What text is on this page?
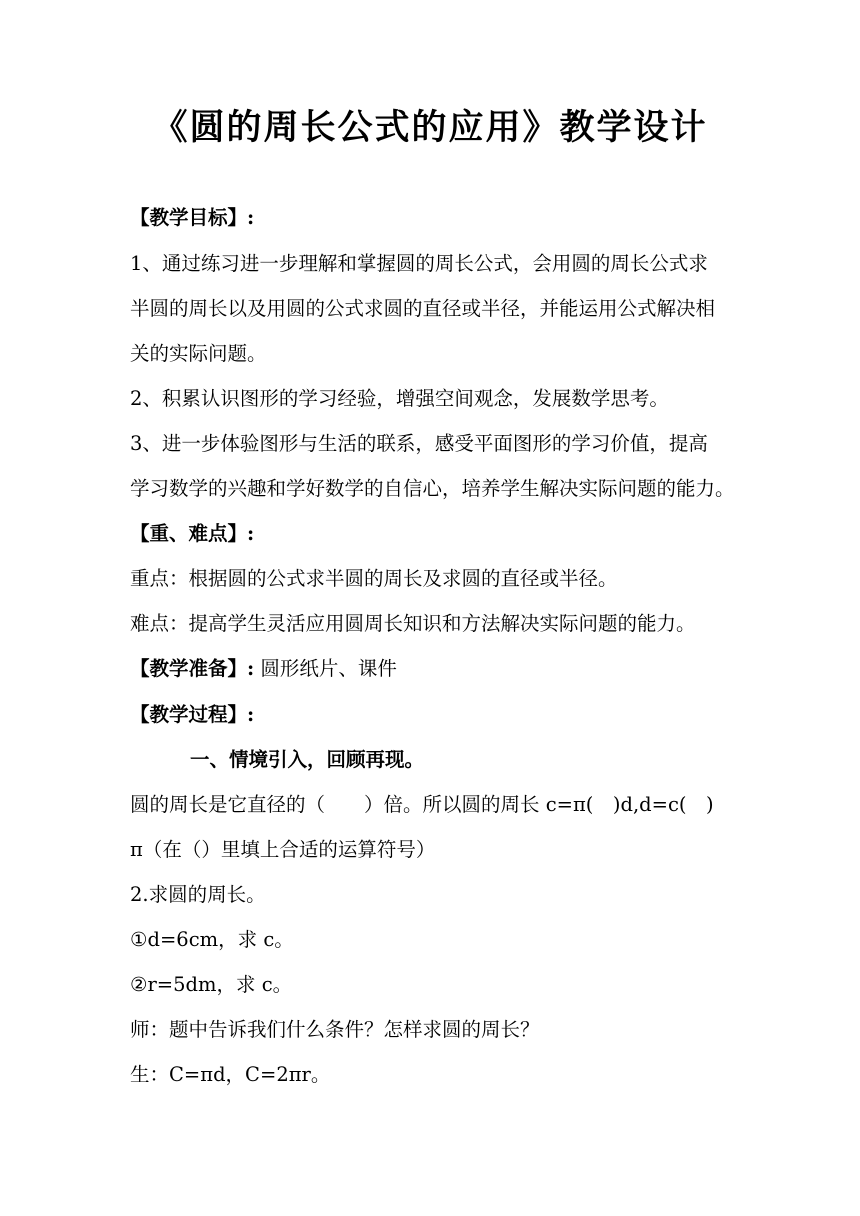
《圆的周长公式的应用》教学设计

【教学目标】:

1、通过练习进一步理解和掌握圆的周长公式，会用圆的周长公式求

半圆的周长以及用圆的公式求圆的直径或半径，并能运用公式解决相

关的实际问题。

2、积累认识图形的学习经验，增强空间观念，发展数学思考。

3、进一步体验图形与生活的联系，感受平面图形的学习价值，提高

学习数学的兴趣和学好数学的自信心，培养学生解决实际问题的能力。

【重、难点】:

重点：根据圆的公式求半圆的周长及求圆的直径或半径。

难点：提高学生灵活应用圆周长知识和方法解决实际问题的能力。

【教学准备】: 圆形纸片、课件

【教学过程】:

一、情境引入，回顾再现。

圆的周长是它直径的（　　）倍。所以圆的周长 c=π(　)d,d=c(　)

π（在（）里填上合适的运算符号）

2.求圆的周长。

①d=6cm，求 c。

②r=5dm，求 c。

师：题中告诉我们什么条件？怎样求圆的周长？

生：C=πd，C=2πr。
